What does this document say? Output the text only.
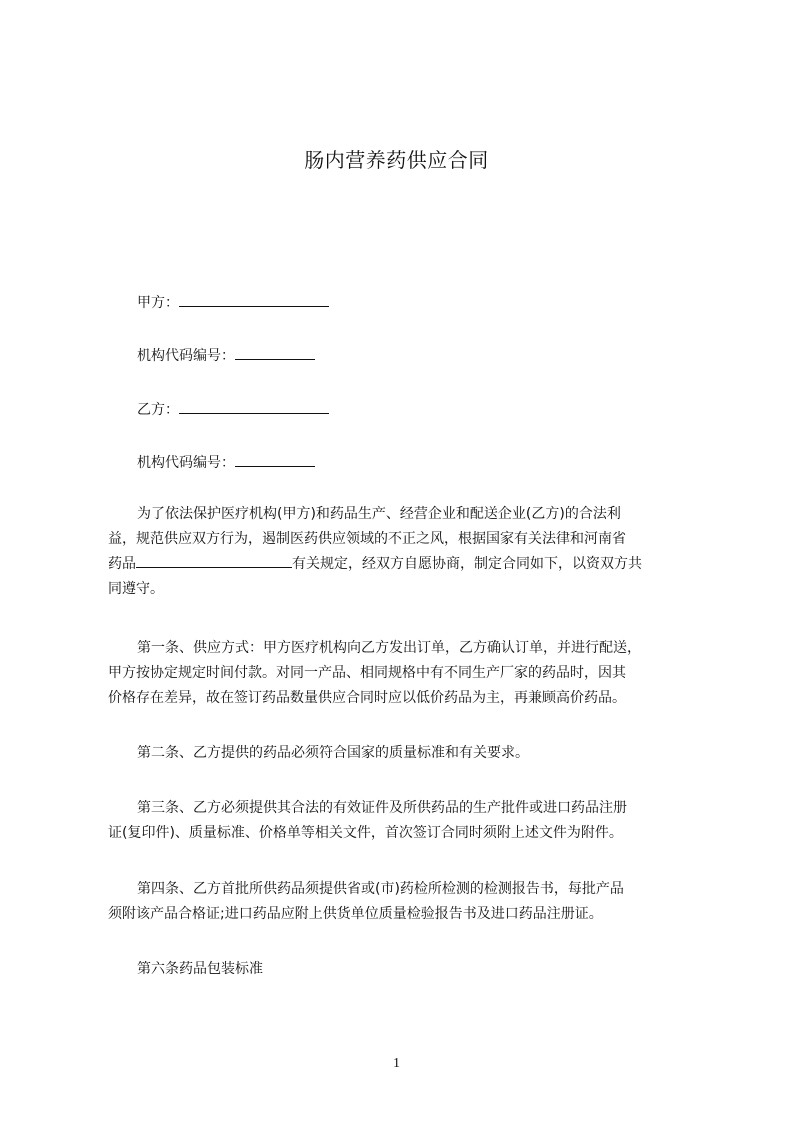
肠内营养药供应合同
甲方：
机构代码编号：
乙方：
机构代码编号：
为了依法保护医疗机构(甲方)和药品生产、经营企业和配送企业(乙方)的合法利
益，规范供应双方行为，遏制医药供应领域的不正之风，根据国家有关法律和河南省
药品	有关规定，经双方自愿协商，制定合同如下，以资双方共
同遵守。
第一条、供应方式：甲方医疗机构向乙方发出订单，乙方确认订单，并进行配送，
甲方按协定规定时间付款。对同一产品、相同规格中有不同生产厂家的药品时，因其
价格存在差异，故在签订药品数量供应合同时应以低价药品为主，再兼顾高价药品。
第二条、乙方提供的药品必须符合国家的质量标准和有关要求。
第三条、乙方必须提供其合法的有效证件及所供药品的生产批件或进口药品注册
证(复印件)、质量标准、价格单等相关文件，首次签订合同时须附上述文件为附件。
第四条、乙方首批所供药品须提供省或(市)药检所检测的检测报告书，每批产品
须附该产品合格证;进口药品应附上供货单位质量检验报告书及进口药品注册证。
第六条药品包装标准
1
